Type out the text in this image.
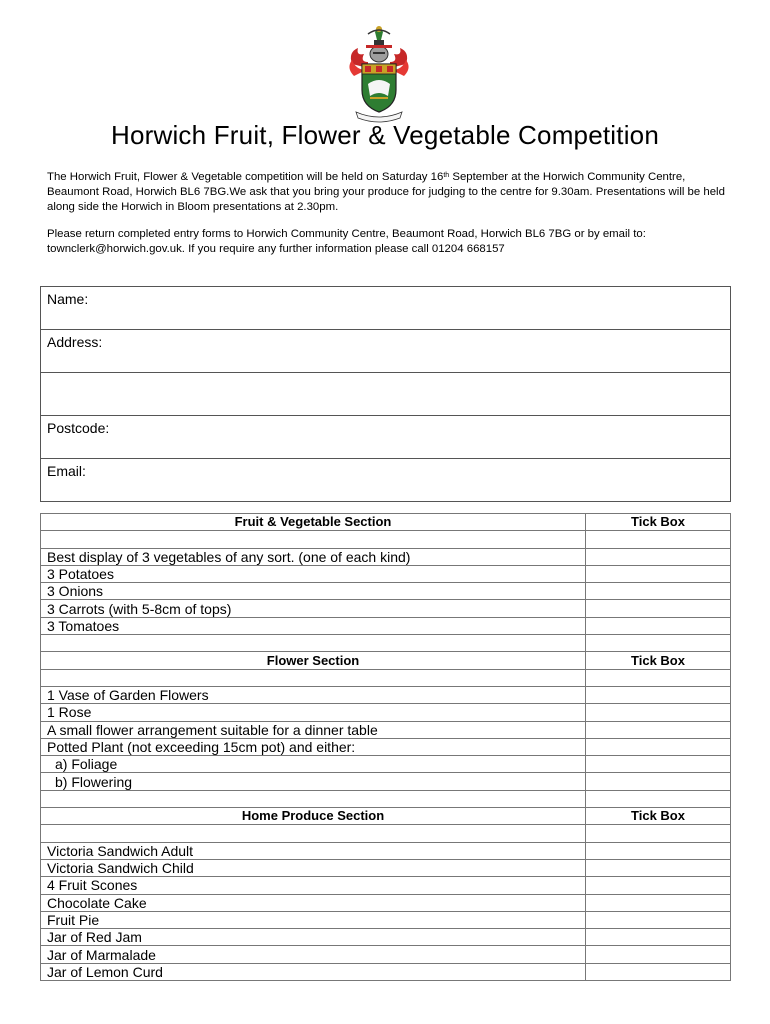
Horwich Fruit, Flower & Vegetable Competition
The Horwich Fruit, Flower & Vegetable competition will be held on Saturday 16th September at the Horwich Community Centre, Beaumont Road, Horwich BL6 7BG.We ask that you bring your produce for judging to the centre for 9.30am. Presentations will be held along side the Horwich in Bloom presentations at 2.30pm.
Please return completed entry forms to Horwich Community Centre, Beaumont Road, Horwich BL6 7BG or by email to: townclerk@horwich.gov.uk. If you require any further information please call 01204 668157
Name:
Address:

Postcode:
Email:
Fruit & Vegetable Section	Tick Box

Best display of 3 vegetables of any sort. (one of each kind)	
3 Potatoes	
3 Onions	
3 Carrots (with 5-8cm of tops)	
3 Tomatoes	

Flower Section	Tick Box

1 Vase of Garden Flowers	
1 Rose	
A small flower arrangement suitable for a dinner table	
Potted Plant (not exceeding 15cm pot) and either:	
a) Foliage	
b) Flowering	

Home Produce Section	Tick Box

Victoria Sandwich Adult	
Victoria Sandwich Child	
4 Fruit Scones	
Chocolate Cake	
Fruit Pie	
Jar of Red Jam	
Jar of Marmalade	
Jar of Lemon Curd	
